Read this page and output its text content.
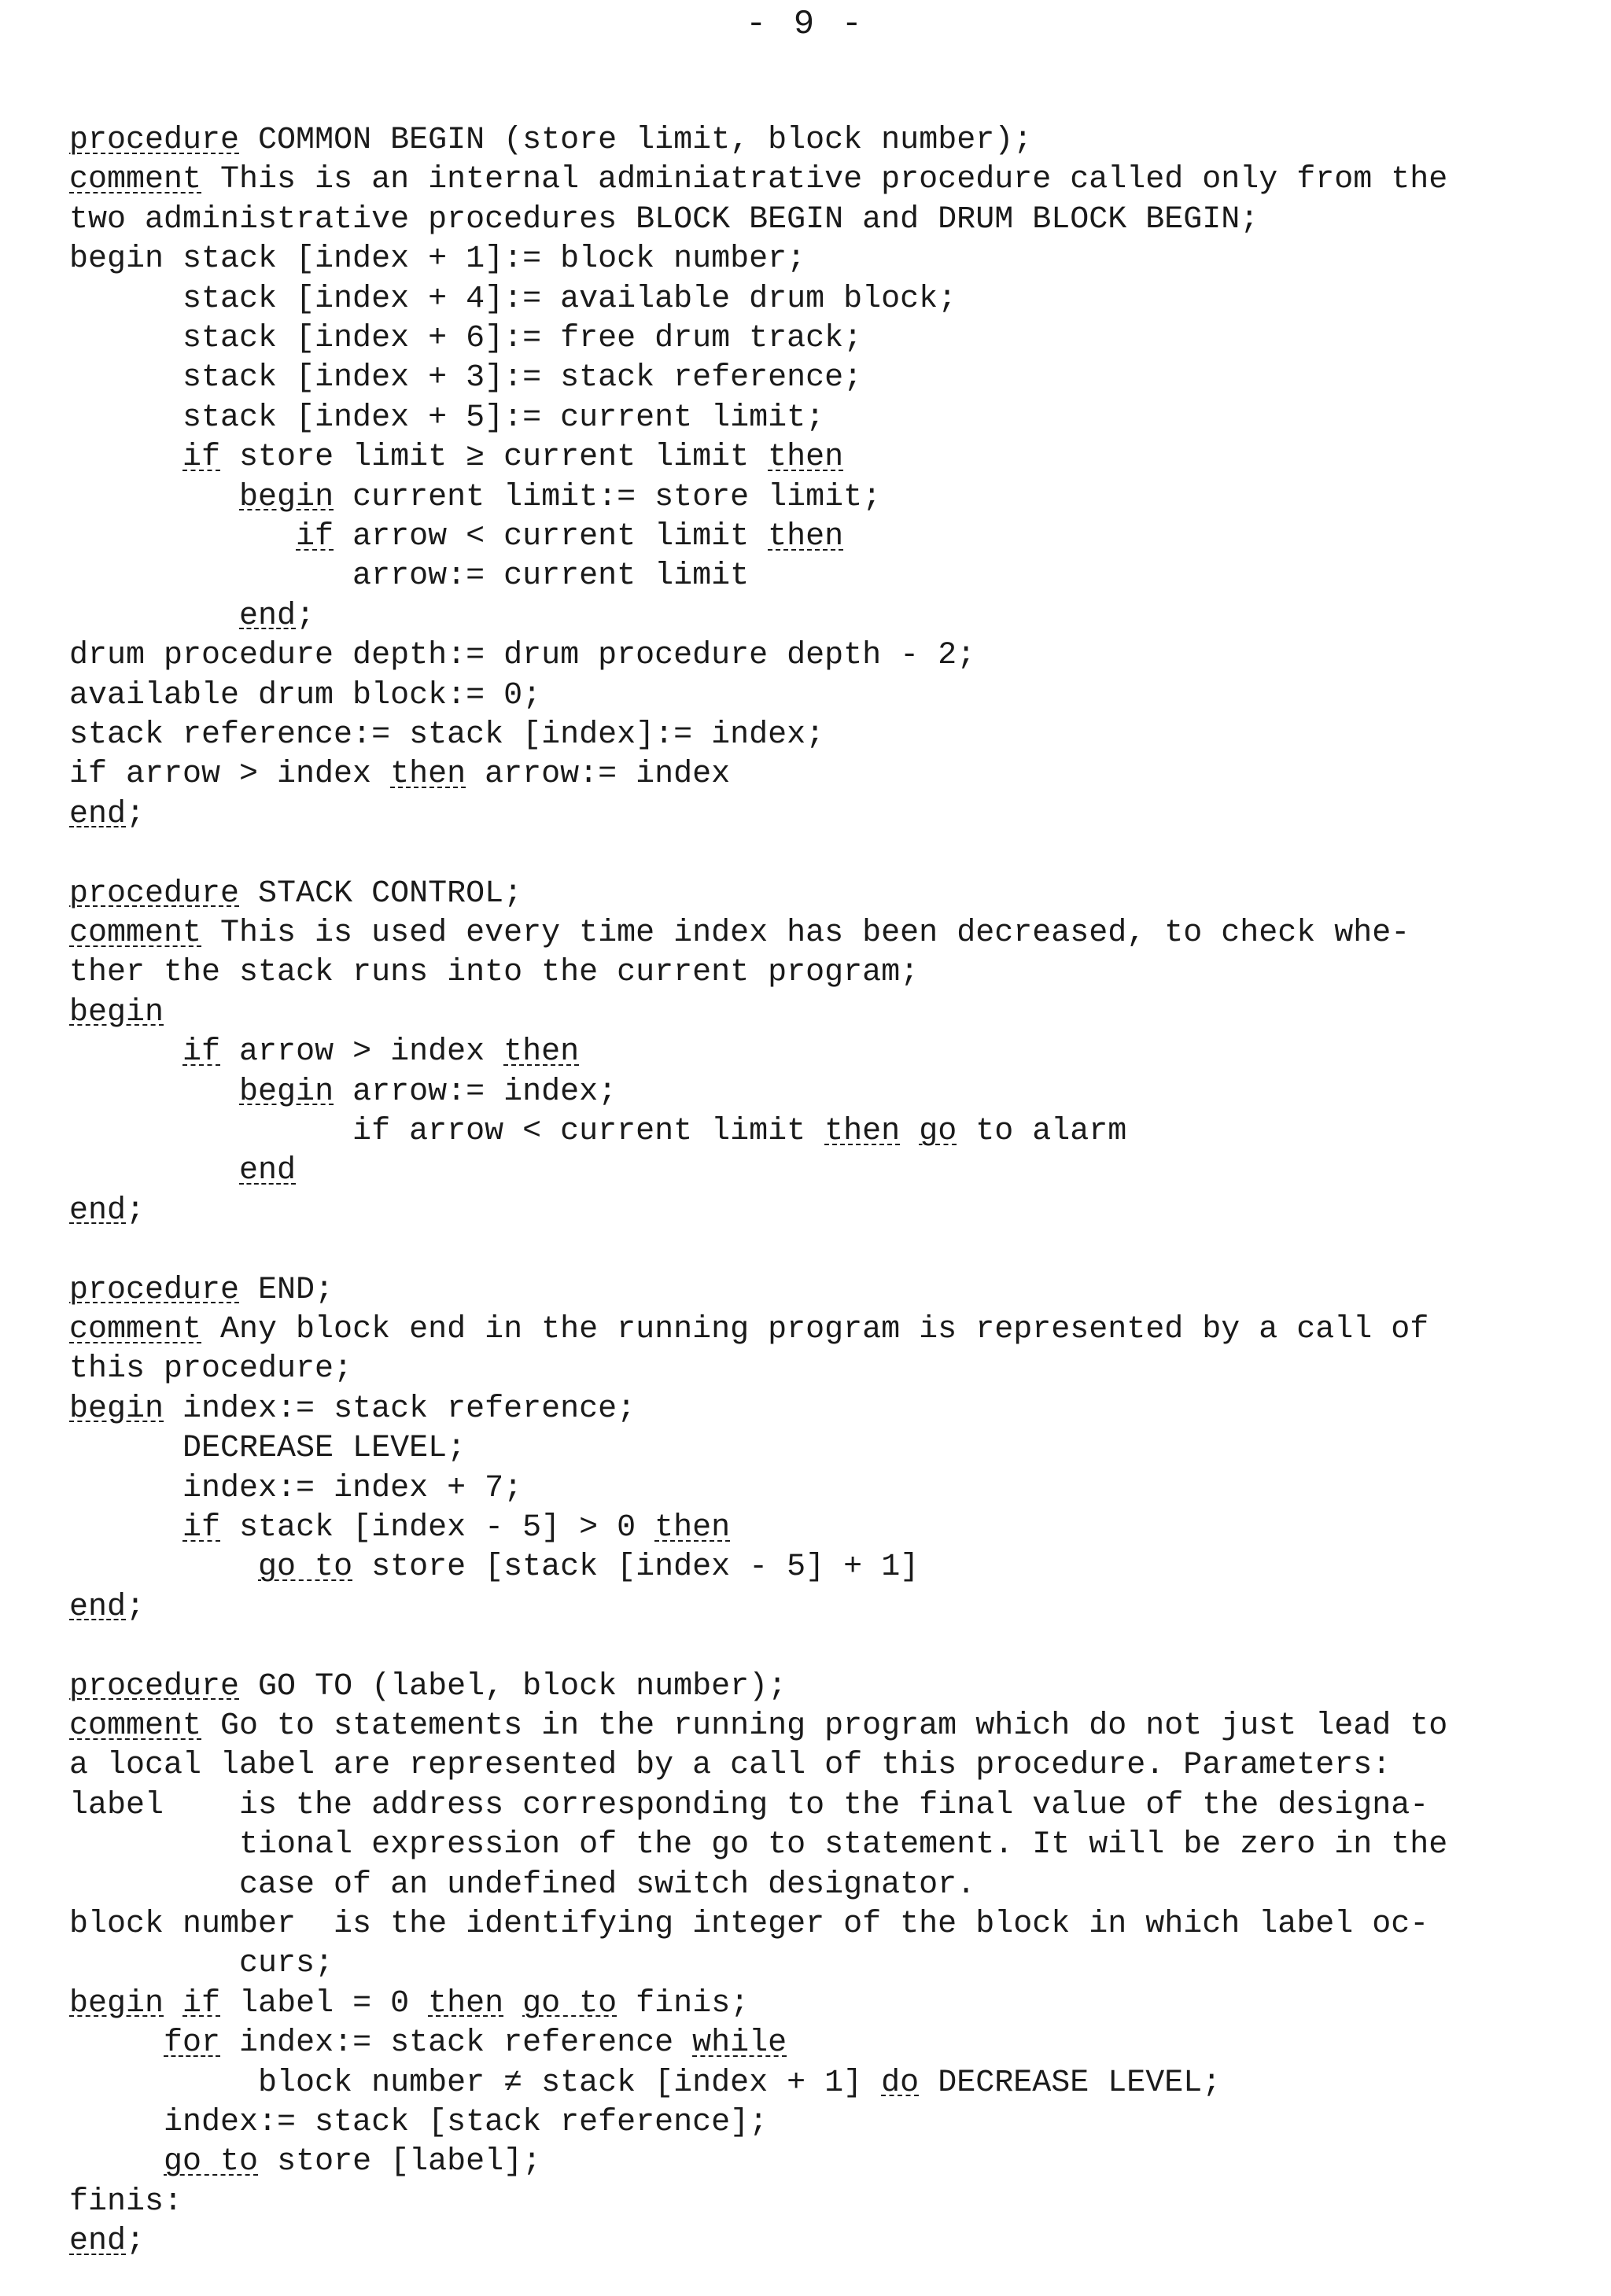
- 9 -
procedure COMMON BEGIN (store limit, block number);
comment This is an internal adminiatrative procedure called only from the
two administrative procedures BLOCK BEGIN and DRUM BLOCK BEGIN;
begin stack [index + 1]:= block number;
stack [index + 4]:= available drum block;
stack [index + 6]:= free drum track;
stack [index + 3]:= stack reference;
stack [index + 5]:= current limit;
if store limit ≥ current limit then
begin current limit:= store limit;
if arrow < current limit then
arrow:= current limit
end;
drum procedure depth:= drum procedure depth - 2;
available drum block:= 0;
stack reference:= stack [index]:= index;
if arrow > index then arrow:= index
end;
procedure STACK CONTROL;
comment This is used every time index has been decreased, to check whe-
ther the stack runs into the current program;
begin
if arrow > index then
begin arrow:= index;
if arrow < current limit then go to alarm
end
end;
procedure END;
comment Any block end in the running program is represented by a call of
this procedure;
begin index:= stack reference;
DECREASE LEVEL;
index:= index + 7;
if stack [index - 5] > 0 then
go to store [stack [index - 5] + 1]
end;
procedure GO TO (label, block number);
comment Go to statements in the running program which do not just lead to
a local label are represented by a call of this procedure. Parameters:
label    is the address corresponding to the final value of the designa-
tional expression of the go to statement. It will be zero in the
case of an undefined switch designator.
block number  is the identifying integer of the block in which label oc-
curs;
begin if label = 0 then go to finis;
for index:= stack reference while
block number ≠ stack [index + 1] do DECREASE LEVEL;
index:= stack [stack reference];
go to store [label];
finis:
end;
